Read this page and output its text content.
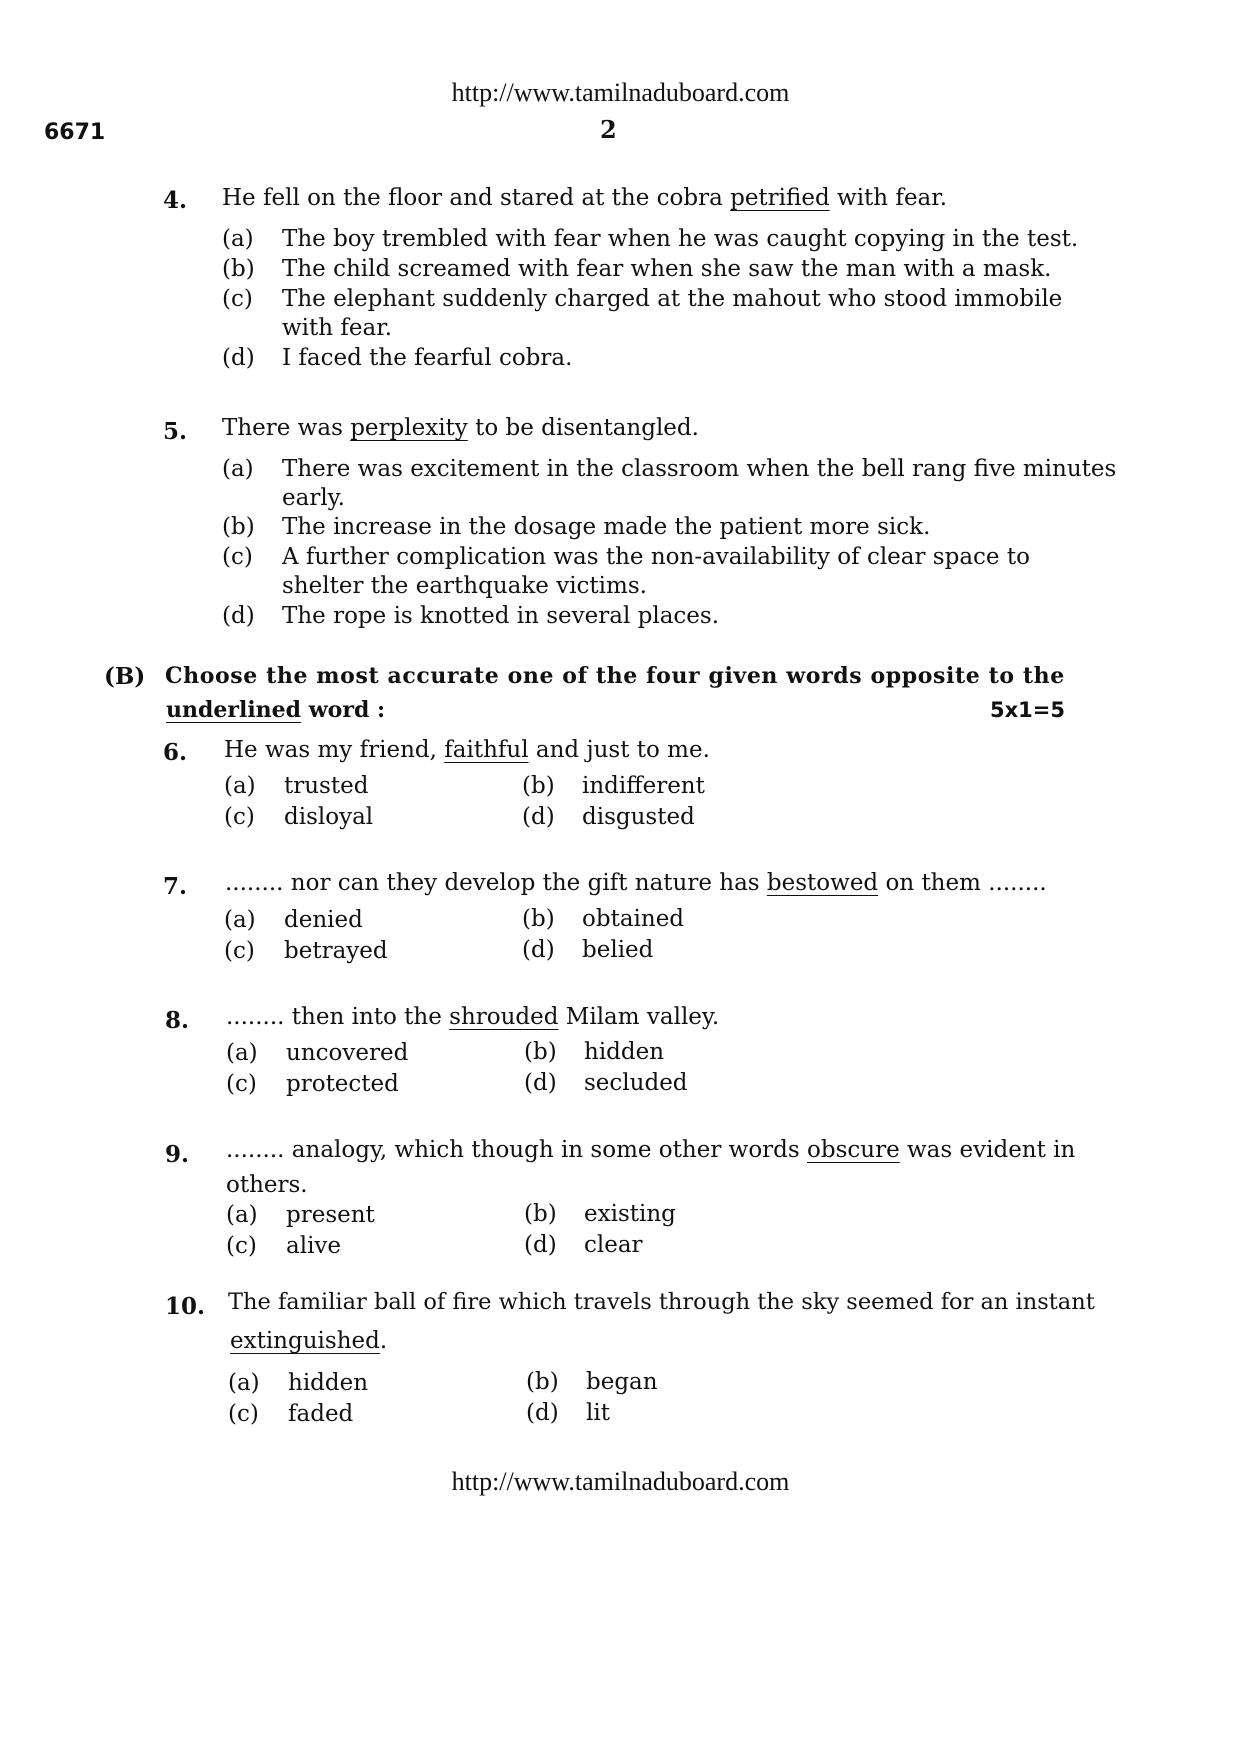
http://www.tamilnaduboard.com
6671	2
4. He fell on the floor and stared at the cobra petrified with fear.
(a) The boy trembled with fear when he was caught copying in the test.
(b) The child screamed with fear when she saw the man with a mask.
(c) The elephant suddenly charged at the mahout who stood immobile
with fear.
(d) I faced the fearful cobra.
5. There was perplexity to be disentangled.
(a) There was excitement in the classroom when the bell rang five minutes
early.
(b) The increase in the dosage made the patient more sick.
(c) A further complication was the non-availability of clear space to
shelter the earthquake victims.
(d) The rope is knotted in several places.
(B) Choose the most accurate one of the four given words opposite to the
underlined word :	5x1=5
6. He was my friend, faithful and just to me.
(a) trusted	(b) indifferent
(c) disloyal	(d) disgusted
7. ........ nor can they develop the gift nature has bestowed on them ........
(a) denied	(b) obtained
(c) betrayed	(d) belied
8. ........ then into the shrouded Milam valley.
(a) uncovered	(b) hidden
(c) protected	(d) secluded
9. ........ analogy, which though in some other words obscure was evident in
others.
(a) present	(b) existing
(c) alive	(d) clear
10. The familiar ball of fire which travels through the sky seemed for an instant
extinguished.
(a) hidden	(b) began
(c) faded	(d) lit
http://www.tamilnaduboard.com
